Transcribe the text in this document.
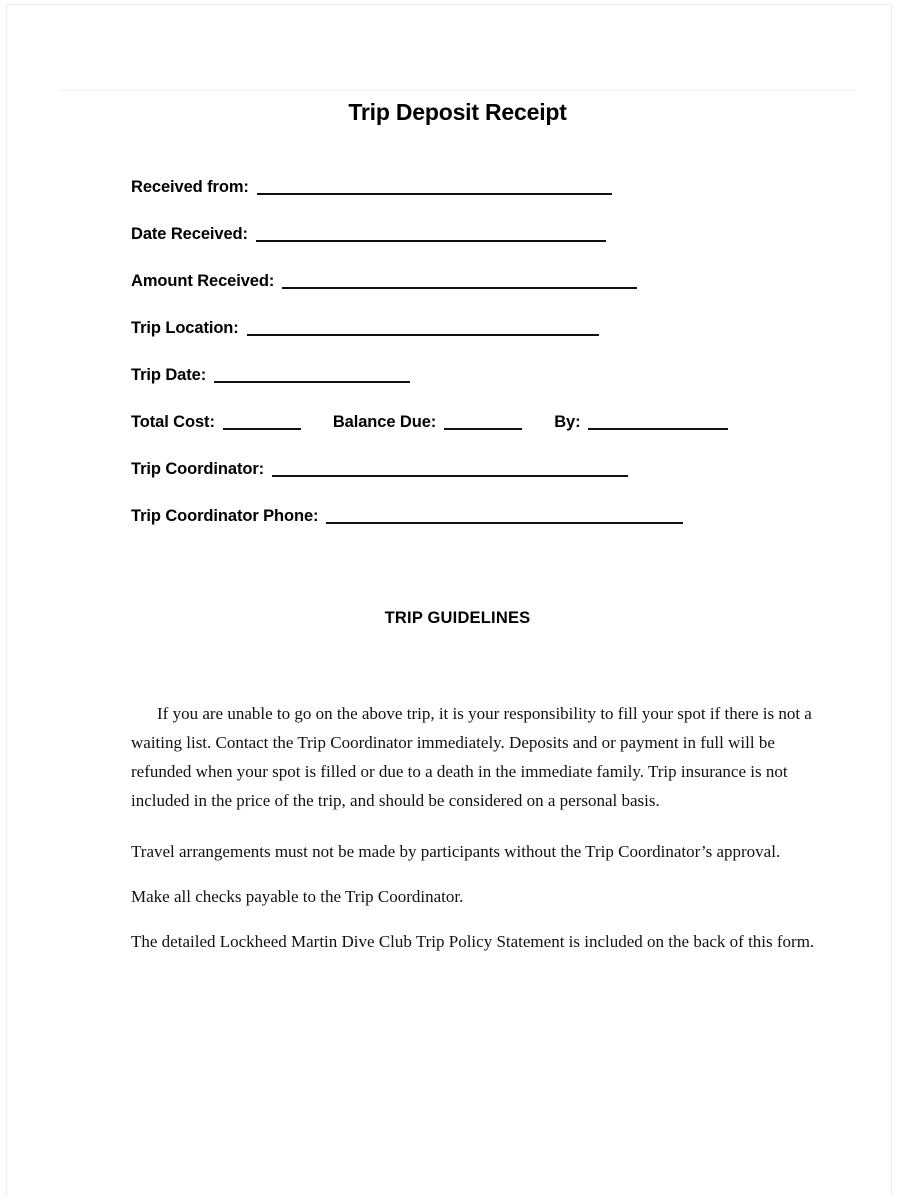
Trip Deposit Receipt
Received from:
Date Received:
Amount Received:
Trip Location:
Trip Date:
Total Cost:	Balance Due:	By:
Trip Coordinator:
Trip Coordinator Phone:
TRIP GUIDELINES

If you are unable to go on the above trip, it is your responsibility to fill your spot if there is not a waiting list. Contact the Trip Coordinator immediately. Deposits and or payment in full will be refunded when your spot is filled or due to a death in the immediate family. Trip insurance is not included in the price of the trip, and should be considered on a personal basis.

Travel arrangements must not be made by participants without the Trip Coordinator’s approval.

Make all checks payable to the Trip Coordinator.

The detailed Lockheed Martin Dive Club Trip Policy Statement is included on the back of this form.
